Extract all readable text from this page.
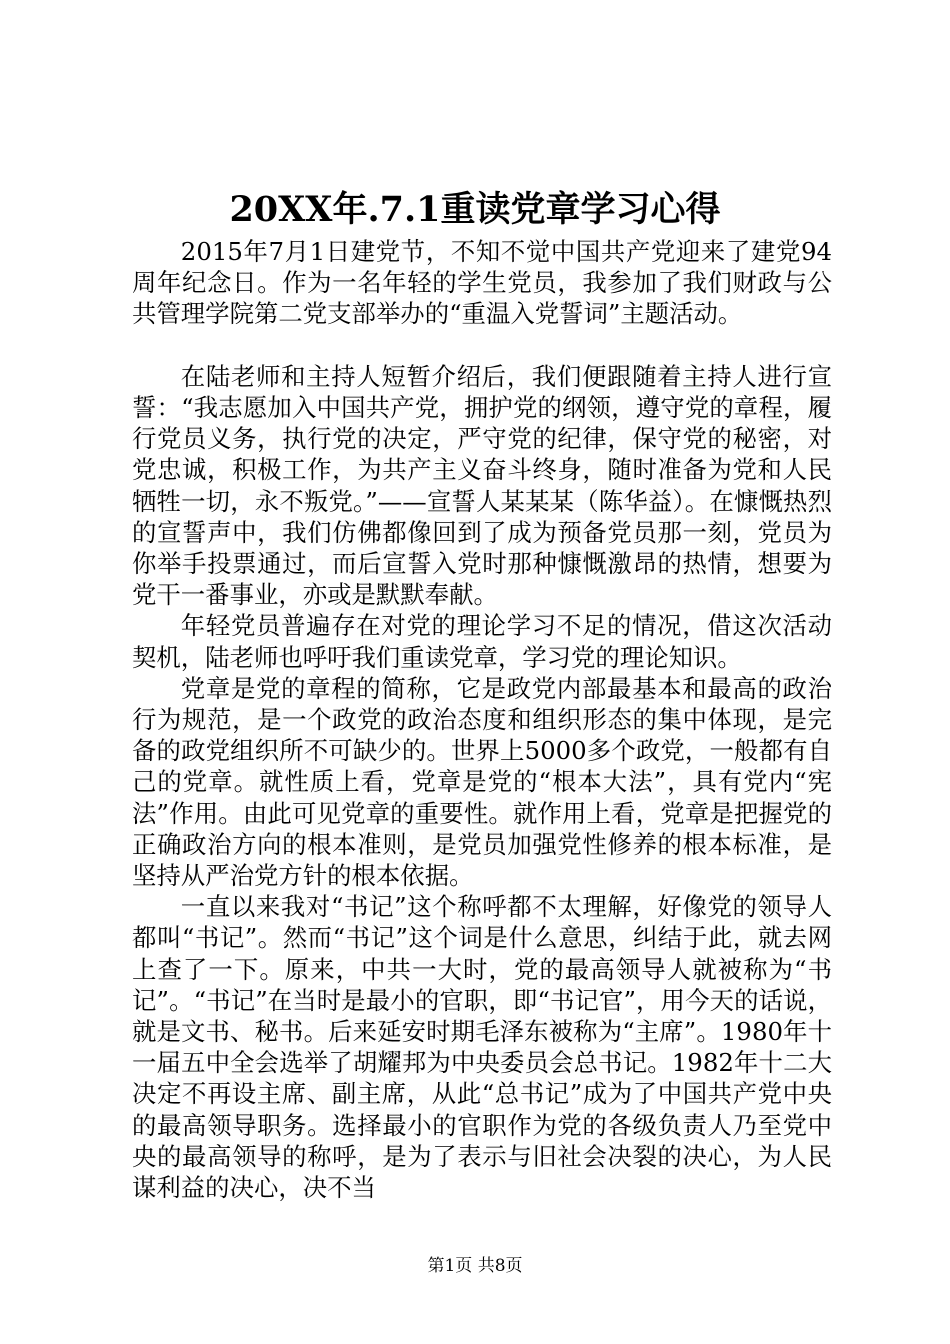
20XX年.7.1重读党章学习心得

2015年7月1日建党节，不知不觉中国共产党迎来了建党94周年纪念日。作为一名年轻的学生党员，我参加了我们财政与公共管理学院第二党支部举办的“重温入党誓词”主题活动。

在陆老师和主持人短暂介绍后，我们便跟随着主持人进行宣誓：“我志愿加入中国共产党，拥护党的纲领，遵守党的章程，履行党员义务，执行党的决定，严守党的纪律，保守党的秘密，对党忠诚，积极工作，为共产主义奋斗终身，随时准备为党和人民牺牲一切，永不叛党。”——宣誓人某某某（陈华益）。在慷慨热烈的宣誓声中，我们仿佛都像回到了成为预备党员那一刻，党员为你举手投票通过，而后宣誓入党时那种慷慨激昂的热情，想要为党干一番事业，亦或是默默奉献。

年轻党员普遍存在对党的理论学习不足的情况，借这次活动契机，陆老师也呼吁我们重读党章，学习党的理论知识。

党章是党的章程的简称，它是政党内部最基本和最高的政治行为规范，是一个政党的政治态度和组织形态的集中体现，是完备的政党组织所不可缺少的。世界上5000多个政党，一般都有自己的党章。就性质上看，党章是党的“根本大法”，具有党内“宪法”作用。由此可见党章的重要性。就作用上看，党章是把握党的正确政治方向的根本准则，是党员加强党性修养的根本标准，是坚持从严治党方针的根本依据。

一直以来我对“书记”这个称呼都不太理解，好像党的领导人都叫“书记”。然而“书记”这个词是什么意思，纠结于此，就去网上查了一下。原来，中共一大时，党的最高领导人就被称为“书记”。“书记”在当时是最小的官职，即“书记官”，用今天的话说，就是文书、秘书。后来延安时期毛泽东被称为“主席”。1980年十一届五中全会选举了胡耀邦为中央委员会总书记。1982年十二大决定不再设主席、副主席，从此“总书记”成为了中国共产党中央的最高领导职务。选择最小的官职作为党的各级负责人乃至党中央的最高领导的称呼，是为了表示与旧社会决裂的决心，为人民谋利益的决心，决不当

第1页 共8页
